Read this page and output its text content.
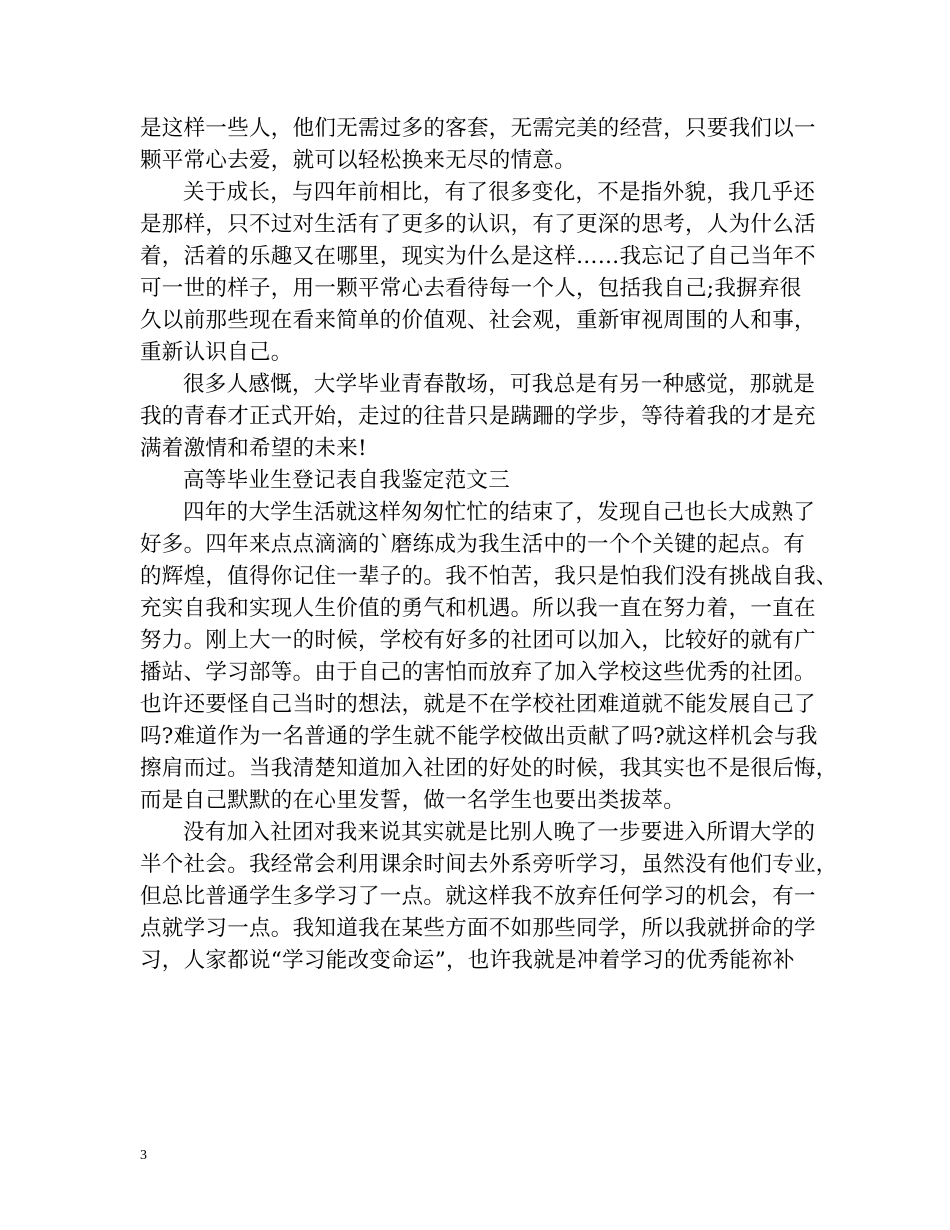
是这样一些人，他们无需过多的客套，无需完美的经营，只要我们以一
颗平常心去爱，就可以轻松换来无尽的情意。
关于成长，与四年前相比，有了很多变化，不是指外貌，我几乎还
是那样，只不过对生活有了更多的认识，有了更深的思考，人为什么活
着，活着的乐趣又在哪里，现实为什么是这样……我忘记了自己当年不
可一世的样子，用一颗平常心去看待每一个人，包括我自己;我摒弃很
久以前那些现在看来简单的价值观、社会观，重新审视周围的人和事，
重新认识自己。
很多人感慨，大学毕业青春散场，可我总是有另一种感觉，那就是
我的青春才正式开始，走过的往昔只是蹒跚的学步，等待着我的才是充
满着激情和希望的未来!
高等毕业生登记表自我鉴定范文三
四年的大学生活就这样匆匆忙忙的结束了，发现自己也长大成熟了
好多。四年来点点滴滴的`磨练成为我生活中的一个个关键的起点。有
的辉煌，值得你记住一辈子的。我不怕苦，我只是怕我们没有挑战自我、
充实自我和实现人生价值的勇气和机遇。所以我一直在努力着，一直在
努力。刚上大一的时候，学校有好多的社团可以加入，比较好的就有广
播站、学习部等。由于自己的害怕而放弃了加入学校这些优秀的社团。
也许还要怪自己当时的想法，就是不在学校社团难道就不能发展自己了
吗?难道作为一名普通的学生就不能学校做出贡献了吗?就这样机会与我
擦肩而过。当我清楚知道加入社团的好处的时候，我其实也不是很后悔，
而是自己默默的在心里发誓，做一名学生也要出类拔萃。
没有加入社团对我来说其实就是比别人晚了一步要进入所谓大学的
半个社会。我经常会利用课余时间去外系旁听学习，虽然没有他们专业，
但总比普通学生多学习了一点。就这样我不放弃任何学习的机会，有一
点就学习一点。我知道我在某些方面不如那些同学，所以我就拼命的学
习，人家都说“学习能改变命运”，也许我就是冲着学习的优秀能祢补
3
